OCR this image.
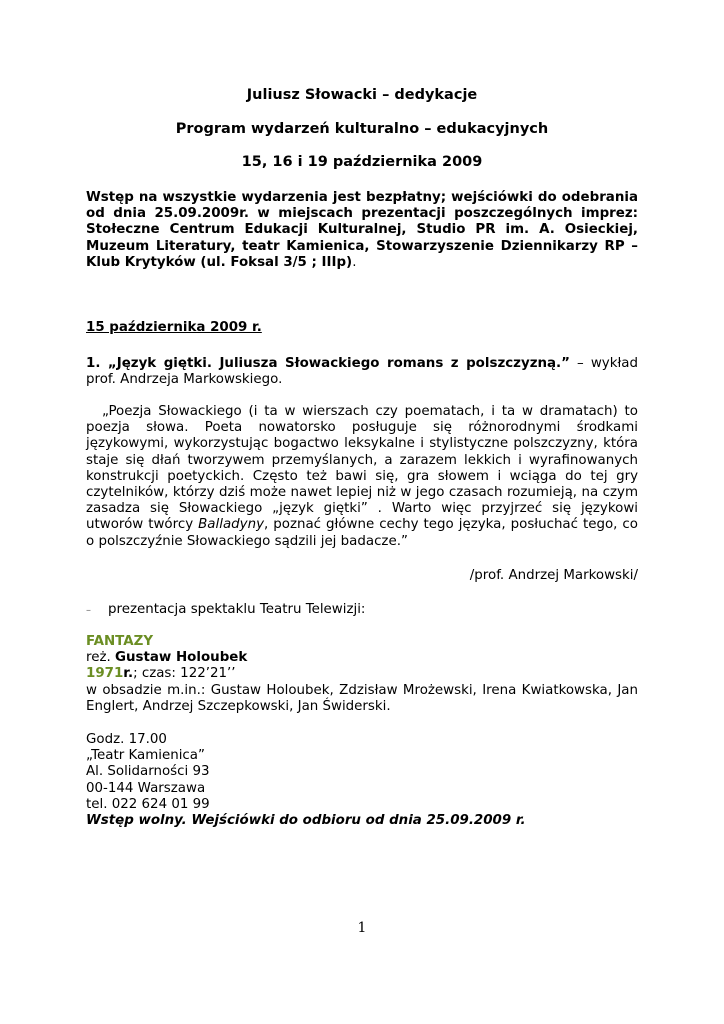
Juliusz Słowacki – dedykacje
Program wydarzeń kulturalno – edukacyjnych
15, 16 i 19 października 2009

Wstęp na wszystkie wydarzenia jest bezpłatny; wejściówki do odebrania od dnia 25.09.2009r. w miejscach prezentacji poszczególnych imprez: Stołeczne Centrum Edukacji Kulturalnej, Studio PR im. A. Osieckiej, Muzeum Literatury, teatr Kamienica, Stowarzyszenie Dziennikarzy RP – Klub Krytyków (ul. Foksal 3/5 ; IIIp).

15 października 2009 r.

1. „Język giętki. Juliusza Słowackiego romans z polszczyzną.” – wykład prof. Andrzeja Markowskiego.

„Poezja Słowackiego (i ta w wierszach czy poematach, i ta w dramatach) to poezja słowa. Poeta nowatorsko posługuje się różnorodnymi środkami językowymi, wykorzystując bogactwo leksykalne i stylistyczne polszczyzny, która staje się dłań tworzywem przemyślanych, a zarazem lekkich i wyrafinowanych konstrukcji poetyckich. Często też bawi się, gra słowem i wciąga do tej gry czytelników, którzy dziś może nawet lepiej niż w jego czasach rozumieją, na czym zasadza się Słowackiego „język giętki” . Warto więc przyjrzeć się językowi utworów twórcy Balladyny, poznać główne cechy tego języka, posłuchać tego, co o polszczyźnie Słowackiego sądzili jej badacze.”

/prof. Andrzej Markowski/
– prezentacja spektaklu Teatru Telewizji:
FANTAZY
reż. Gustaw Holoubek
1971r.; czas: 122’21’’
w obsadzie m.in.: Gustaw Holoubek, Zdzisław Mrożewski, Irena Kwiatkowska, Jan Englert, Andrzej Szczepkowski, Jan Świderski.
Godz. 17.00
„Teatr Kamienica”
Al. Solidarności 93
00-144 Warszawa
tel. 022 624 01 99
Wstęp wolny. Wejściówki do odbioru od dnia 25.09.2009 r.
1
